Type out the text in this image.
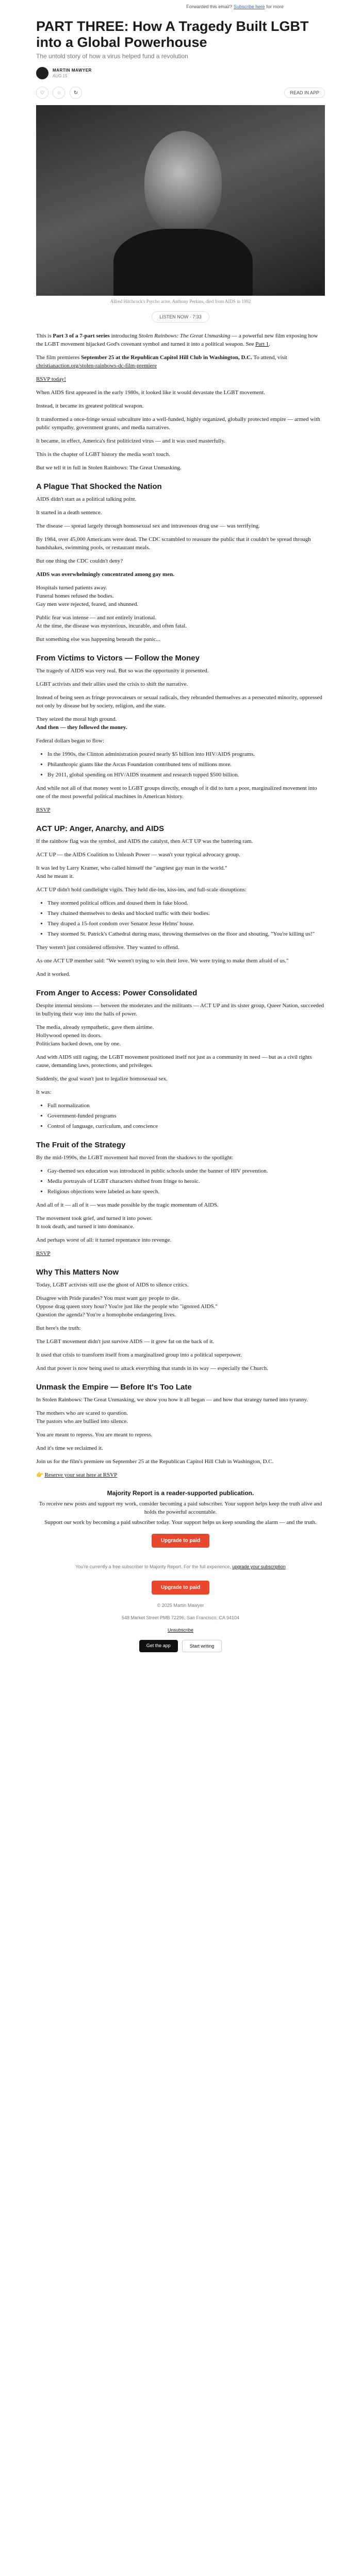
Forwarded this email? Subscribe here for more
PART THREE: How A Tragedy Built LGBT into a Global Powerhouse
The untold story of how a virus helped fund a revolution
MARTIN MAWYER
AUG 15
♡ ◌	↻	READ IN APP
Alfred Hitchcock's Psycho actor, Anthony Perkins, died from AIDS in 1992
LISTEN NOW · 7:33

This is Part 3 of a 7-part series introducing Stolen Rainbows: The Great Unmasking — a powerful new film exposing how the LGBT movement hijacked God's covenant symbol and turned it into a political weapon. See Part 1.

The film premieres September 25 at the Republican Capitol Hill Club in Washington, D.C. To attend, visit christianaction.org/stolen-rainbows-dc-film-premiere

RSVP today!

When AIDS first appeared in the early 1980s, it looked like it would devastate the LGBT movement.

Instead, it became its greatest political weapon.

It transformed a once-fringe sexual subculture into a well-funded, highly organized, globally protected empire — armed with public sympathy, government grants, and media narratives.

It became, in effect, America's first politicized virus — and it was used masterfully.

This is the chapter of LGBT history the media won't touch.

But we tell it in full in Stolen Rainbows: The Great Unmasking.

A Plague That Shocked the Nation

AIDS didn't start as a political talking point.

It started in a death sentence.

The disease — spread largely through homosexual sex and intravenous drug use — was terrifying.

By 1984, over 45,000 Americans were dead. The CDC scrambled to reassure the public that it couldn't be spread through handshakes, swimming pools, or restaurant meals.

But one thing the CDC couldn't deny?

AIDS was overwhelmingly concentrated among gay men.

Hospitals turned patients away.

Funeral homes refused the bodies.

Gay men were rejected, feared, and shunned.

Public fear was intense — and not entirely irrational.

At the time, the disease was mysterious, incurable, and often fatal.

But something else was happening beneath the panic...

From Victims to Victors — Follow the Money

The tragedy of AIDS was very real. But so was the opportunity it presented.

LGBT activists and their allies used the crisis to shift the narrative.

Instead of being seen as fringe provocateurs or sexual radicals, they rebranded themselves as a persecuted minority, oppressed not only by disease but by society, religion, and the state.

They seized the moral high ground.

And then — they followed the money.

Federal dollars began to flow:

• In the 1990s, the Clinton administration poured nearly $5 billion into HIV/AIDS programs.
• Philanthropic giants like the Arcus Foundation contributed tens of millions more.
• By 2011, global spending on HIV/AIDS treatment and research topped $500 billion.

And while not all of that money went to LGBT groups directly, enough of it did to turn a poor, marginalized movement into one of the most powerful political machines in American history.

RSVP

ACT UP: Anger, Anarchy, and AIDS

If the rainbow flag was the symbol, and AIDS the catalyst, then ACT UP was the battering ram.

ACT UP — the AIDS Coalition to Unleash Power — wasn't your typical advocacy group.

It was led by Larry Kramer, who called himself the "angriest gay man in the world."

And he meant it.

ACT UP didn't hold candlelight vigils. They held die-ins, kiss-ins, and full-scale disruptions:

• They stormed political offices and doused them in fake blood.
• They chained themselves to desks and blocked traffic with their bodies.
• They draped a 15-foot condom over Senator Jesse Helms' house.
• They stormed St. Patrick's Cathedral during mass, throwing themselves on the floor and shouting, "You're killing us!"

They weren't just considered offensive. They wanted to offend.

As one ACT UP member said: "We weren't trying to win their love. We were trying to make them afraid of us."

And it worked.

From Anger to Access: Power Consolidated

Despite internal tensions — between the moderates and the militants — ACT UP and its sister group, Queer Nation, succeeded in bullying their way into the halls of power.

The media, already sympathetic, gave them airtime.

Hollywood opened its doors.

Politicians backed down, one by one.

And with AIDS still raging, the LGBT movement positioned itself not just as a community in need — but as a civil rights cause, demanding laws, protections, and privileges.

Suddenly, the goal wasn't just to legalize homosexual sex.

It was:

• Full normalization
• Government-funded programs
• Control of language, curriculum, and conscience
The Fruit of the Strategy

By the mid-1990s, the LGBT movement had moved from the shadows to the spotlight:

• Gay-themed sex education was introduced in public schools under the banner of HIV prevention.
• Media portrayals of LGBT characters shifted from fringe to heroic.
• Religious objections were labeled as hate speech.

And all of it — all of it — was made possible by the tragic momentum of AIDS.

The movement took grief, and turned it into power.

It took death, and turned it into dominance.

And perhaps worst of all: it turned repentance into revenge.

RSVP

Why This Matters Now

Today, LGBT activists still use the ghost of AIDS to silence critics.

Disagree with Pride parades? You must want gay people to die.

Oppose drag queen story hour? You're just like the people who "ignored AIDS."

Question the agenda? You're a homophobe endangering lives.

But here's the truth:

The LGBT movement didn't just survive AIDS — it grew fat on the back of it.

It used that crisis to transform itself from a marginalized group into a political superpower.

And that power is now being used to attack everything that stands in its way — especially the Church.

Unmask the Empire — Before It's Too Late

In Stolen Rainbows: The Great Unmasking, we show you how it all began — and how that strategy turned into tyranny.

The mothers who are scared to question.

The pastors who are bullied into silence.

You are meant to repress. You are meant to repress.

And it's time we reclaimed it.

Join us for the film's premiere on September 25 at the Republican Capitol Hill Club in Washington, D.C.

👉 Reserve your seat here at RSVP

Majority Report is a reader-supported publication.

To receive new posts and support my work, consider becoming a paid subscriber. Your support helps keep the truth alive and holds the powerful accountable.

Support our work by becoming a paid subscriber today. Your support helps us keep sounding the alarm — and the truth.

Upgrade to paid

You're currently a free subscriber to Majority Report. For the full experience, upgrade your subscription

Upgrade to paid

© 2025 Martin Mawyer

548 Market Street PMB 72296, San Francisco, CA 94104

Unsubscribe

Get the app	Start writing
